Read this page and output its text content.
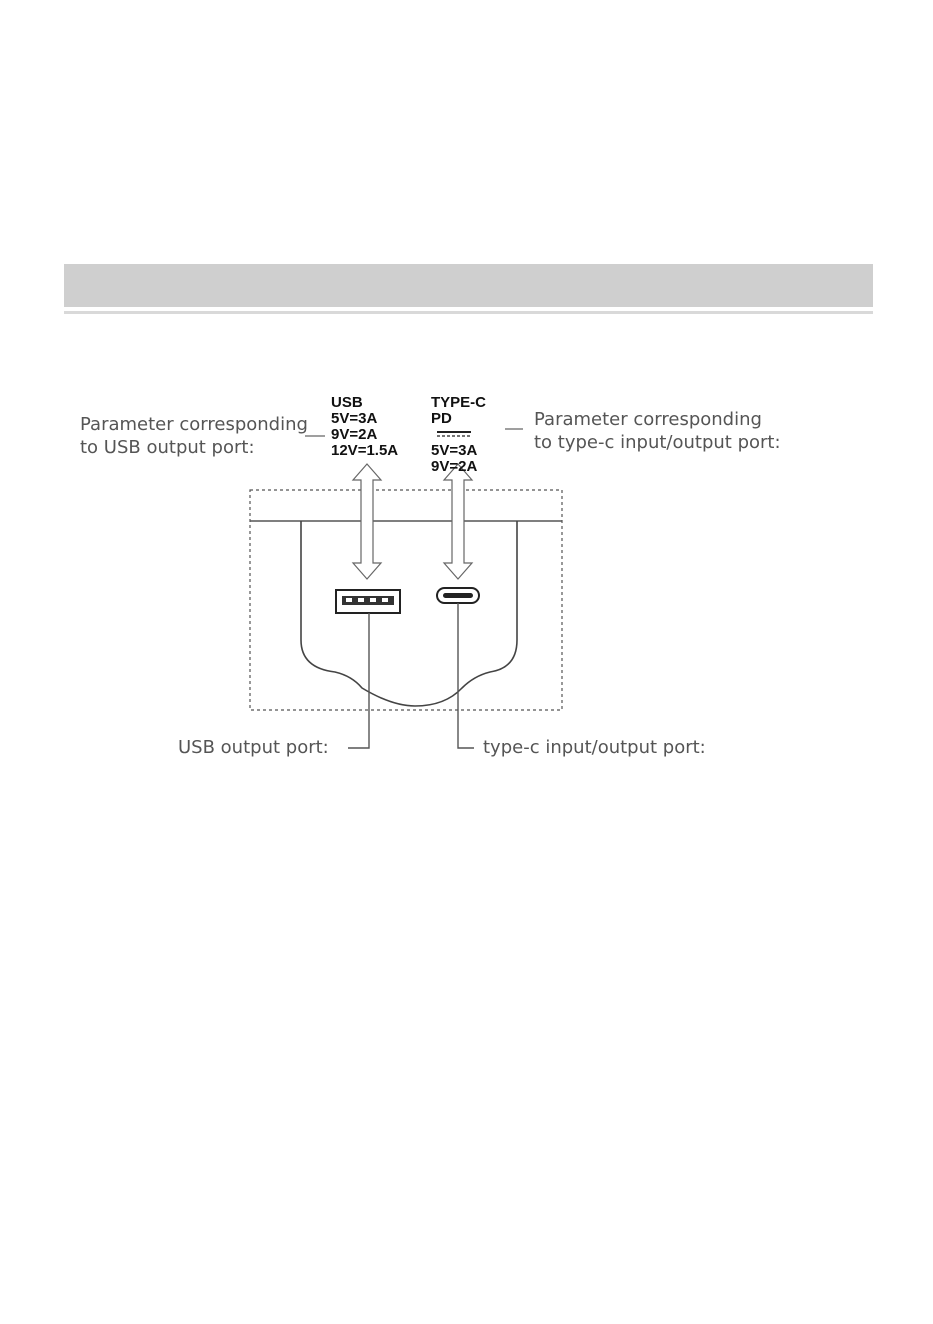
Parameter corresponding
to USB output port:
Parameter corresponding
to type-c input/output port:
USB
5V=3A
9V=2A
12V=1.5A
TYPE-C
PD
5V=3A
9V=2A
USB output port:	type-c input/output port:
